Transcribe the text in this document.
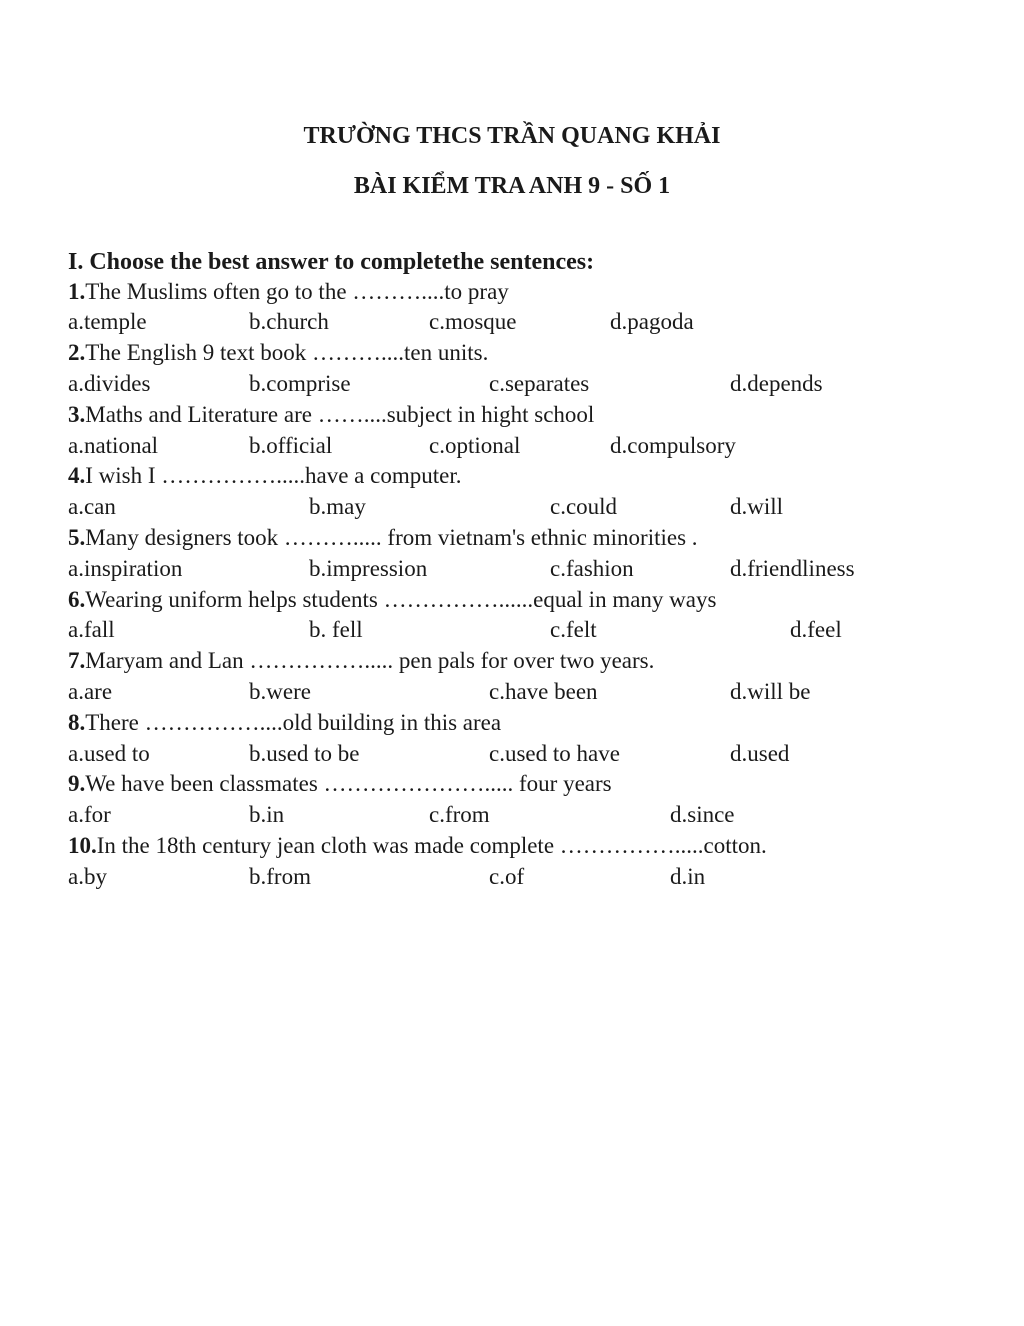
TRƯỜNG THCS TRẦN QUANG KHẢI
BÀI KIỂM TRA ANH 9 - SỐ 1
I. Choose the best answer to completethe sentences:
1.The Muslims often go to the ………....to pray
a.temple	b.church	c.mosque	d.pagoda
2.The English 9 text book ………....ten units.
a.divides	b.comprise	c.separates	d.depends
3.Maths and Literature are ……....subject in hight school
a.national	b.official	c.optional	d.compulsory
4.I wish I …………….....have a computer.
a.can	b.may	c.could	d.will
5.Many designers took ………..... from vietnam's ethnic minorities .
a.inspiration	b.impression	c.fashion	d.friendliness
6.Wearing uniform helps students ……………......equal in many ways
a.fall	b. fell	c.felt	d.feel
7.Maryam and Lan ……………..... pen pals for over two years.
a.are	b.were	c.have been	d.will be
8.There ……………....old building in this area
a.used to	b.used to be	c.used to have	d.used
9.We have been classmates …………………..... four years
a.for	b.in	c.from	d.since
10.In the 18th century jean cloth was made complete …………….....cotton.
a.by	b.from	c.of	d.in
